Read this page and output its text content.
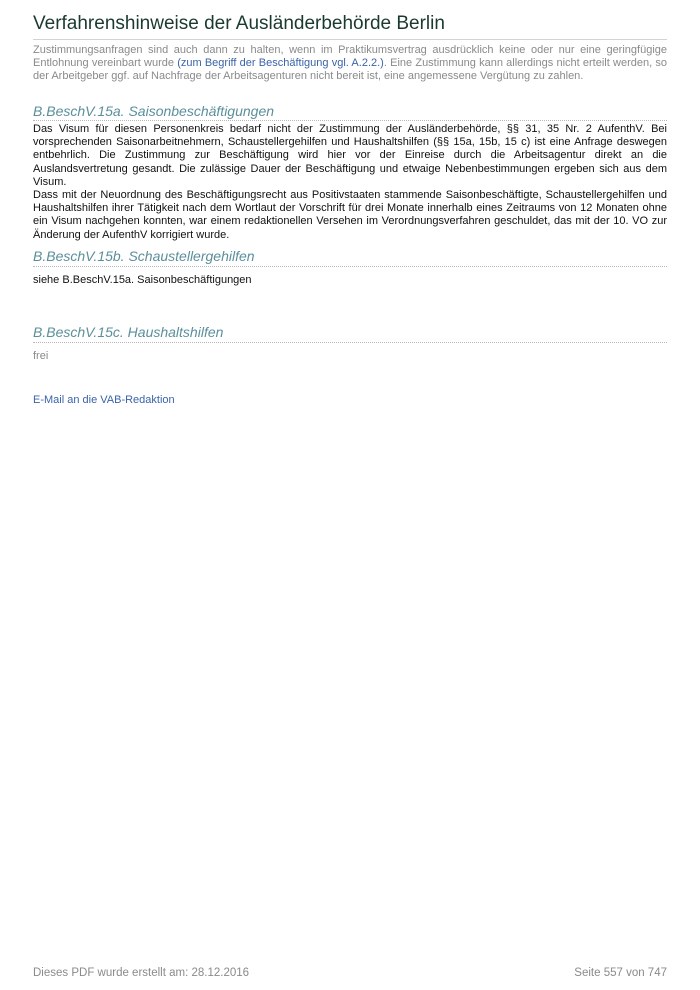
Verfahrenshinweise der Ausländerbehörde Berlin

Zustimmungsanfragen sind auch dann zu halten, wenn im Praktikumsvertrag ausdrücklich keine oder nur eine geringfügige Entlohnung vereinbart wurde (zum Begriff der Beschäftigung vgl. A.2.2.). Eine Zustimmung kann allerdings nicht erteilt werden, so der Arbeitgeber ggf. auf Nachfrage der Arbeitsagenturen nicht bereit ist, eine angemessene Vergütung zu zahlen.

B.BeschV.15a. Saisonbeschäftigungen

Das Visum für diesen Personenkreis bedarf nicht der Zustimmung der Ausländerbehörde, §§ 31, 35 Nr. 2 AufenthV. Bei vorsprechenden Saisonarbeitnehmern, Schaustellergehilfen und Haushaltshilfen (§§ 15a, 15b, 15 c) ist eine Anfrage deswegen entbehrlich. Die Zustimmung zur Beschäftigung wird hier vor der Einreise durch die Arbeitsagentur direkt an die Auslandsvertretung gesandt. Die zulässige Dauer der Beschäftigung und etwaige Nebenbestimmungen ergeben sich aus dem Visum.

Dass mit der Neuordnung des Beschäftigungsrecht aus Positivstaaten stammende Saisonbeschäftigte, Schaustellergehilfen und Haushaltshilfen ihrer Tätigkeit nach dem Wortlaut der Vorschrift für drei Monate innerhalb eines Zeitraums von 12 Monaten ohne ein Visum nachgehen konnten, war einem redaktionellen Versehen im Verordnungsverfahren geschuldet, das mit der 10. VO zur Änderung der AufenthV korrigiert wurde.

B.BeschV.15b. Schaustellergehilfen

siehe B.BeschV.15a. Saisonbeschäftigungen

B.BeschV.15c. Haushaltshilfen

frei

E-Mail an die VAB-Redaktion
Dieses PDF wurde erstellt am: 28.12.2016	Seite 557 von 747
